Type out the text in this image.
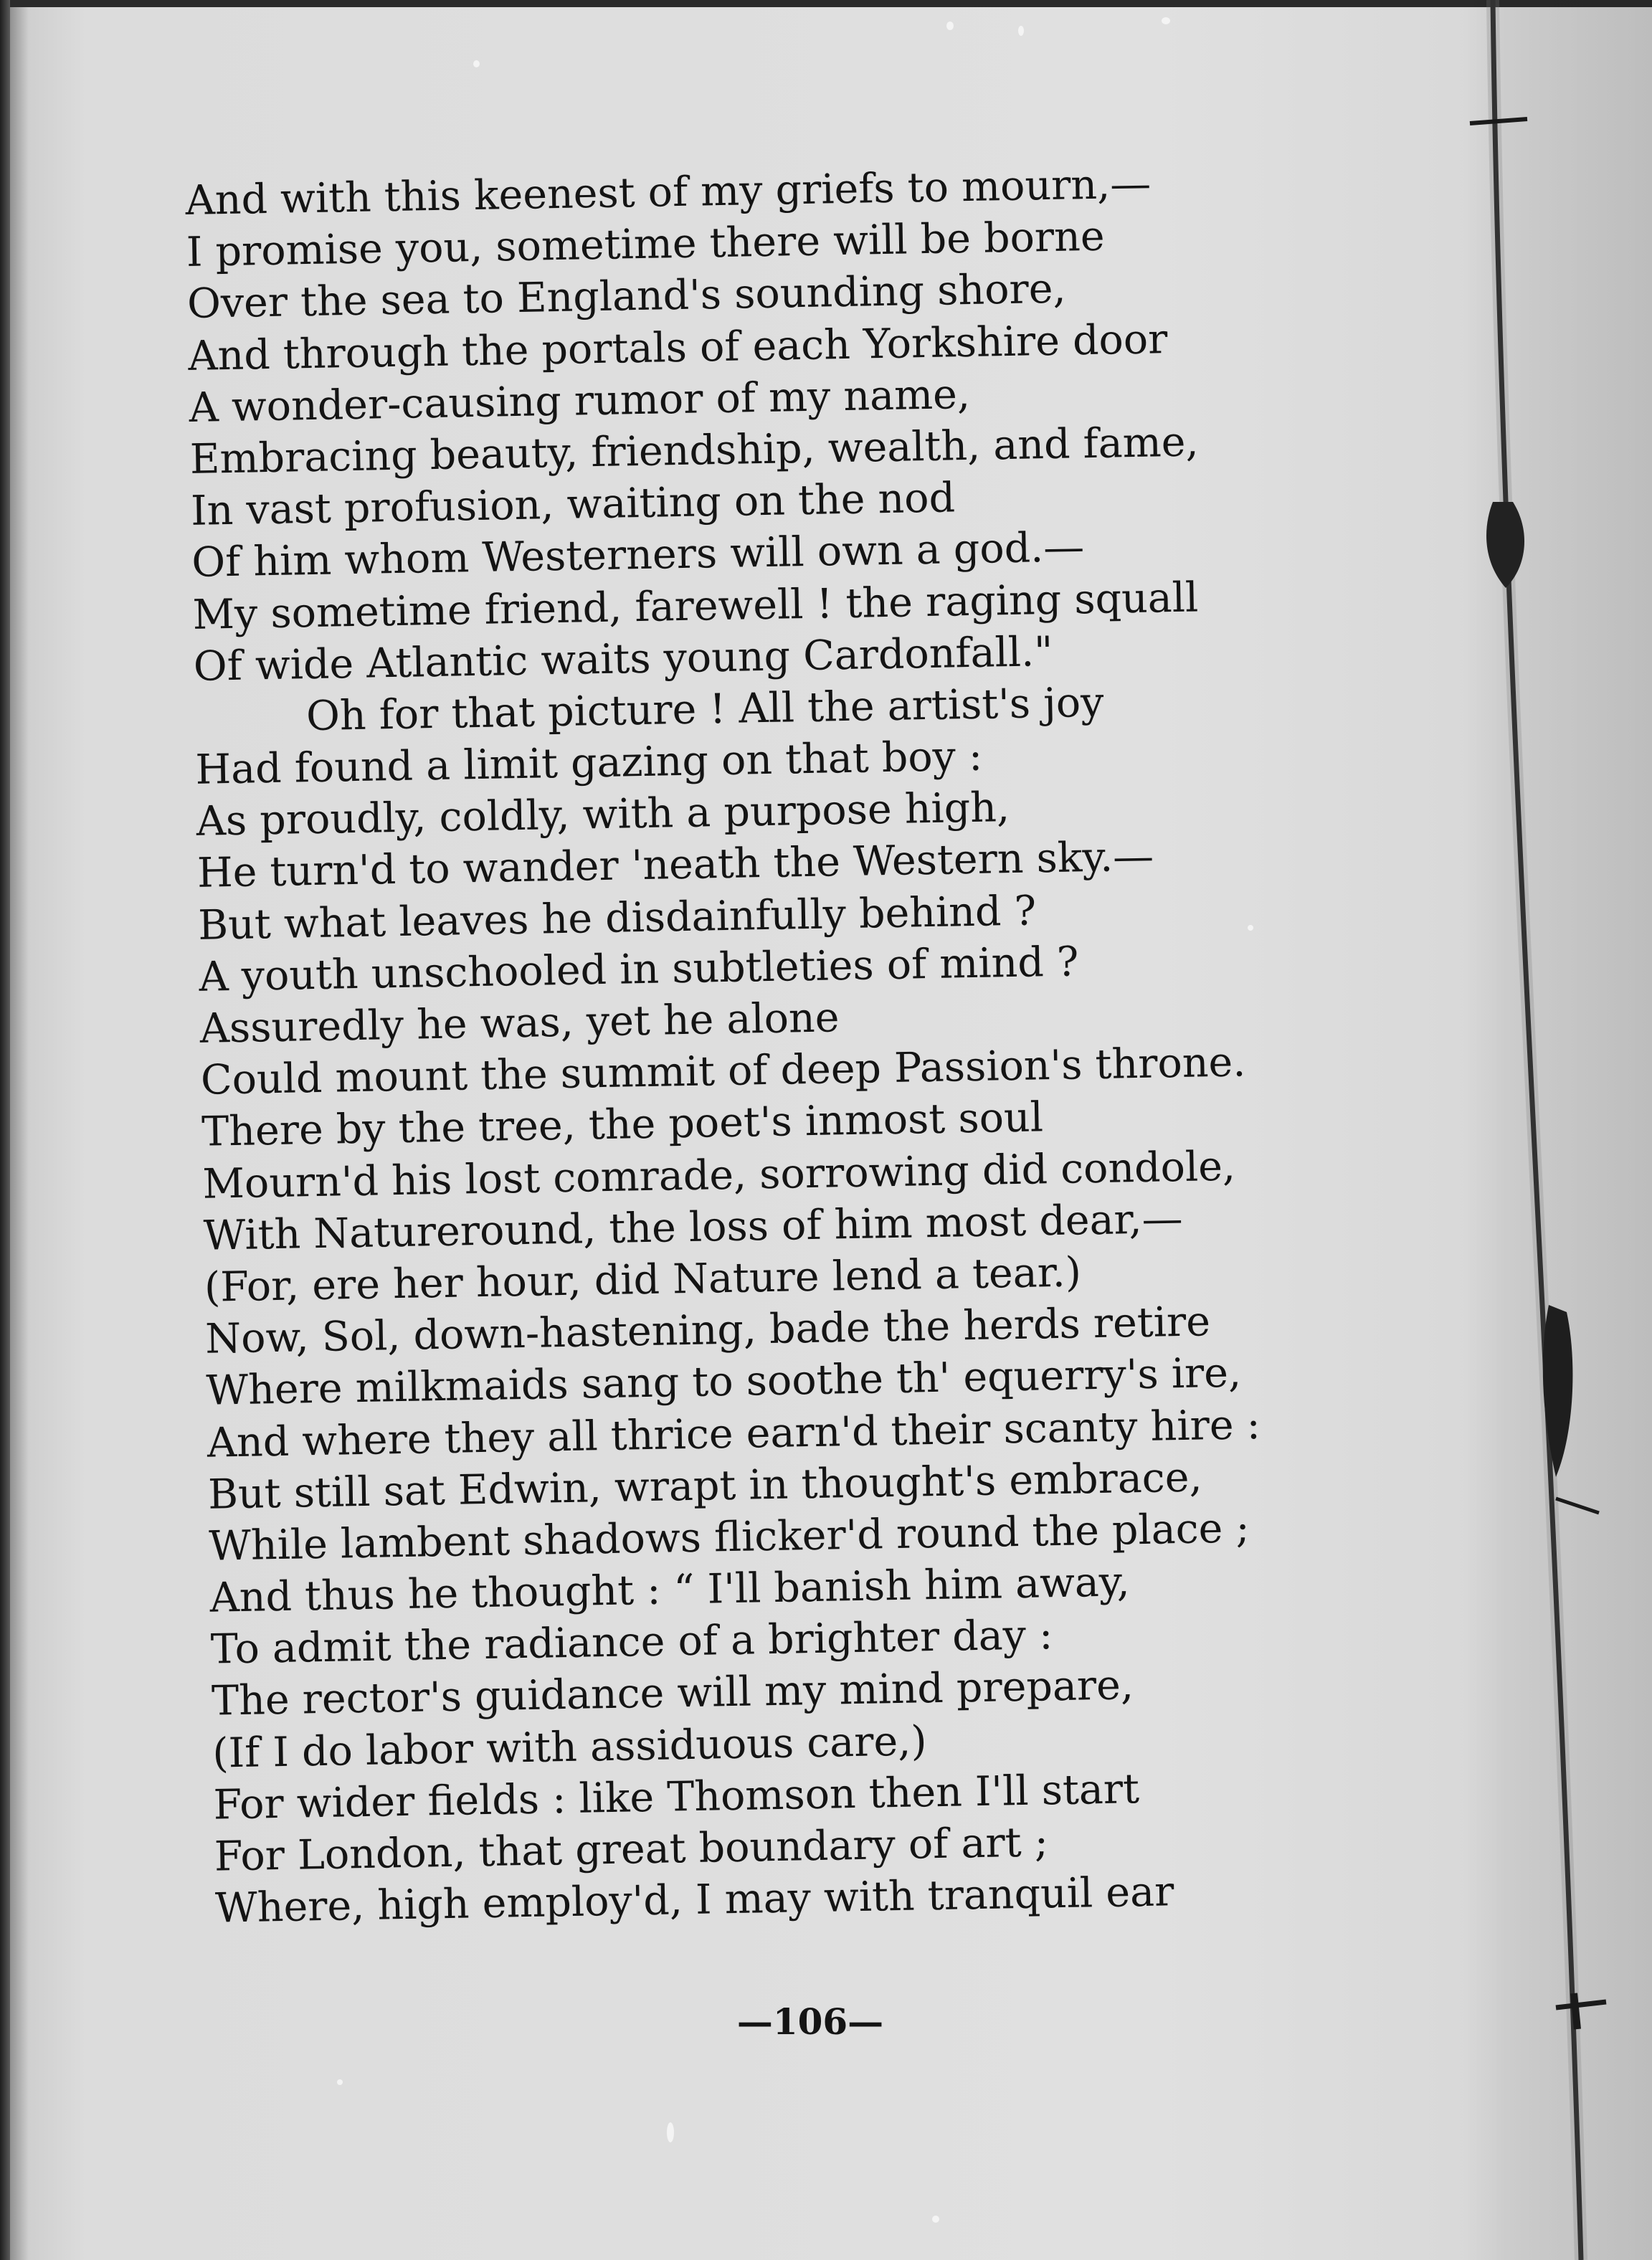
And with this keenest of my griefs to mourn,—
I promise you, sometime there will be borne
Over the sea to England's sounding shore,
And through the portals of each Yorkshire door
A wonder-causing rumor of my name,
Embracing beauty, friendship, wealth, and fame,
In vast profusion, waiting on the nod
Of him whom Westerners will own a god.—
My sometime friend, farewell ! the raging squall
Of wide Atlantic waits young Cardonfall."
Oh for that picture ! All the artist's joy
Had found a limit gazing on that boy :
As proudly, coldly, with a purpose high,
He turn'd to wander 'neath the Western sky.—
But what leaves he disdainfully behind ?
A youth unschooled in subtleties of mind ?
Assuredly he was, yet he alone
Could mount the summit of deep Passion's throne.
There by the tree, the poet's inmost soul
Mourn'd his lost comrade, sorrowing did condole,
With Natureround, the loss of him most dear,—
(For, ere her hour, did Nature lend a tear.)
Now, Sol, down-hastening, bade the herds retire
Where milkmaids sang to soothe th' equerry's ire,
And where they all thrice earn'd their scanty hire :
But still sat Edwin, wrapt in thought's embrace,
While lambent shadows flicker'd round the place ;
And thus he thought : “ I'll banish him away,
To admit the radiance of a brighter day :
The rector's guidance will my mind prepare,
(If I do labor with assiduous care,)
For wider fields : like Thomson then I'll start
For London, that great boundary of art ;
Where, high employ'd, I may with tranquil ear
—106—
